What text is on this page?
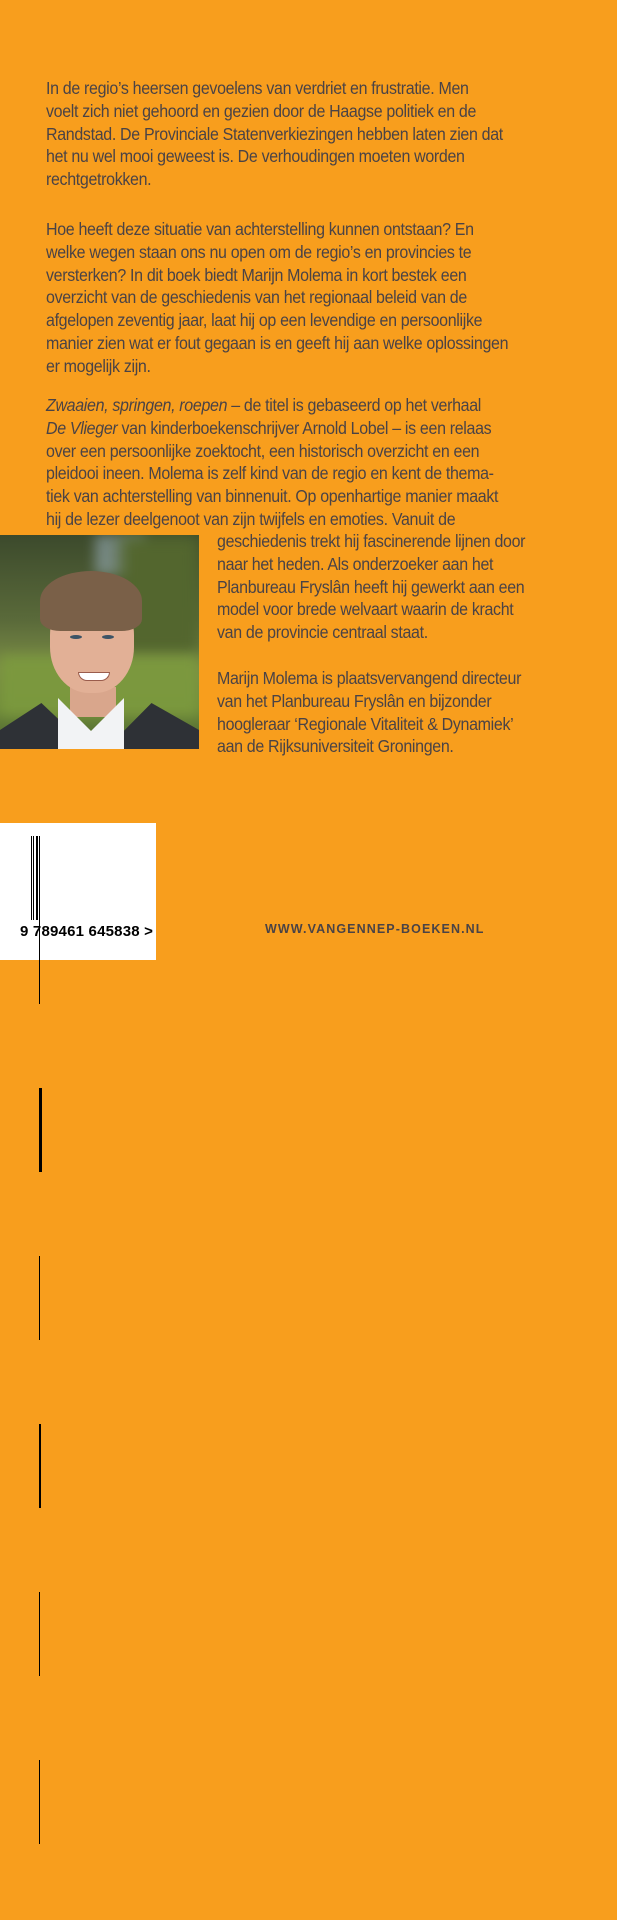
In de regio’s heersen gevoelens van verdriet en frustratie. Men
voelt zich niet gehoord en gezien door de Haagse politiek en de
Randstad. De Provinciale Statenverkiezingen hebben laten zien dat
het nu wel mooi geweest is. De verhoudingen moeten worden
rechtgetrokken.
Hoe heeft deze situatie van achterstelling kunnen ontstaan? En
welke wegen staan ons nu open om de regio’s en provincies te
versterken? In dit boek biedt Marijn Molema in kort bestek een
overzicht van de geschiedenis van het regionaal beleid van de
afgelopen zeventig jaar, laat hij op een levendige en persoonlijke
manier zien wat er fout gegaan is en geeft hij aan welke oplossingen
er mogelijk zijn.
Zwaaien, springen, roepen – de titel is gebaseerd op het verhaal
De Vlieger van kinderboekenschrijver Arnold Lobel – is een relaas
over een persoonlijke zoektocht, een historisch overzicht en een
pleidooi ineen. Molema is zelf kind van de regio en kent de thema-
tiek van achterstelling van binnenuit. Op openhartige manier maakt
hij de lezer deelgenoot van zijn twijfels en emoties. Vanuit de
geschiedenis trekt hij fascinerende lijnen door
naar het heden. Als onderzoeker aan het
Planbureau Fryslân heeft hij gewerkt aan een
model voor brede welvaart waarin de kracht
van de provincie centraal staat.
Marijn Molema is plaatsvervangend directeur
van het Planbureau Fryslân en bijzonder
hoogleraar ‘Regionale Vitaliteit & Dynamiek’
aan de Rijksuniversiteit Groningen.
9 789461 645838 >	WWW.VANGENNEP-BOEKEN.NL
